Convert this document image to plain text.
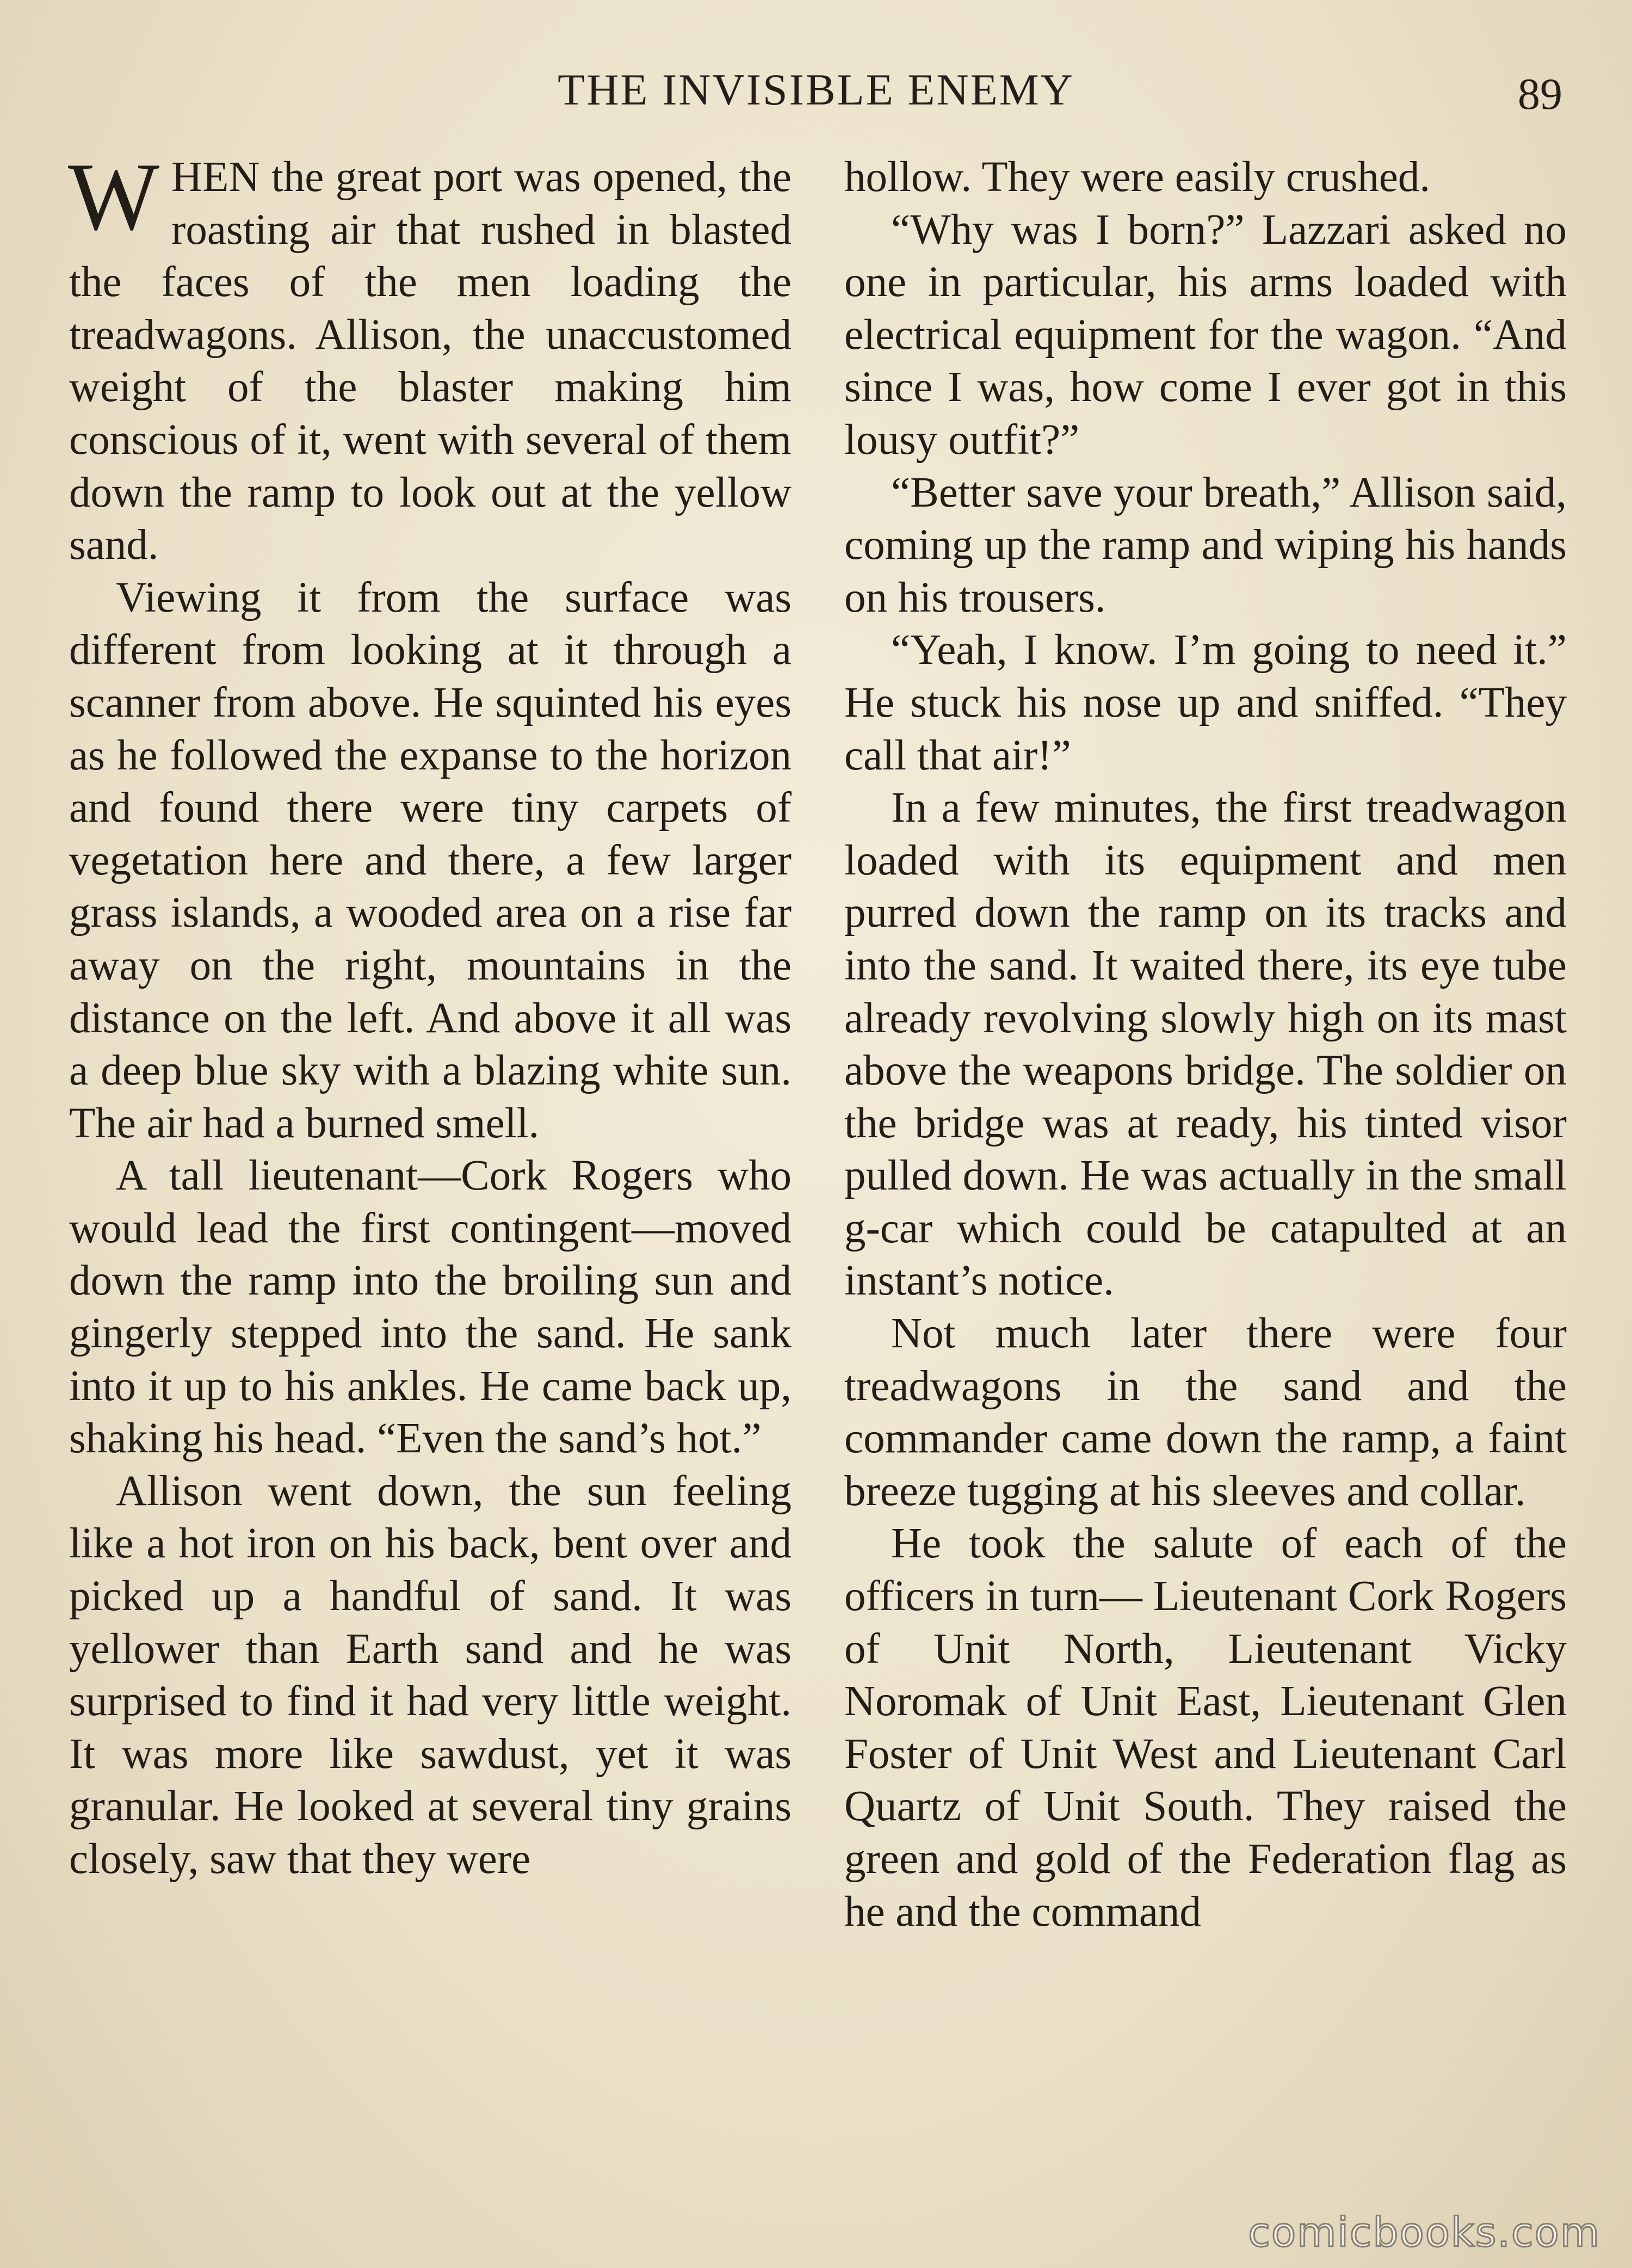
THE INVISIBLE ENEMY	89

WHEN the great port was opened, the roasting air that rushed in blasted the faces of the men loading the treadwagons. Allison, the unaccustomed weight of the blaster making him conscious of it, went with several of them down the ramp to look out at the yellow sand.

Viewing it from the surface was different from looking at it through a scanner from above. He squinted his eyes as he followed the expanse to the horizon and found there were tiny carpets of vegetation here and there, a few larger grass islands, a wooded area on a rise far away on the right, mountains in the distance on the left. And above it all was a deep blue sky with a blazing white sun. The air had a burned smell.

A tall lieutenant—Cork Rogers who would lead the first contingent—moved down the ramp into the broiling sun and gingerly stepped into the sand. He sank into it up to his ankles. He came back up, shaking his head. “Even the sand’s hot.”

Allison went down, the sun feeling like a hot iron on his back, bent over and picked up a handful of sand. It was yellower than Earth sand and he was surprised to find it had very little weight. It was more like sawdust, yet it was granular. He looked at several tiny grains closely, saw that they were

hollow. They were easily crushed.

“Why was I born?” Lazzari asked no one in particular, his arms loaded with electrical equipment for the wagon. “And since I was, how come I ever got in this lousy outfit?”

“Better save your breath,” Allison said, coming up the ramp and wiping his hands on his trousers.

“Yeah, I know. I’m going to need it.” He stuck his nose up and sniffed. “They call that air!”

In a few minutes, the first treadwagon loaded with its equipment and men purred down the ramp on its tracks and into the sand. It waited there, its eye tube already revolving slowly high on its mast above the weapons bridge. The soldier on the bridge was at ready, his tinted visor pulled down. He was actually in the small g-car which could be catapulted at an instant’s notice.

Not much later there were four treadwagons in the sand and the commander came down the ramp, a faint breeze tugging at his sleeves and collar.

He took the salute of each of the officers in turn— Lieutenant Cork Rogers of Unit North, Lieutenant Vicky Noromak of Unit East, Lieutenant Glen Foster of Unit West and Lieutenant Carl Quartz of Unit South. They raised the green and gold of the Federation flag as he and the command

comicbooks.com
